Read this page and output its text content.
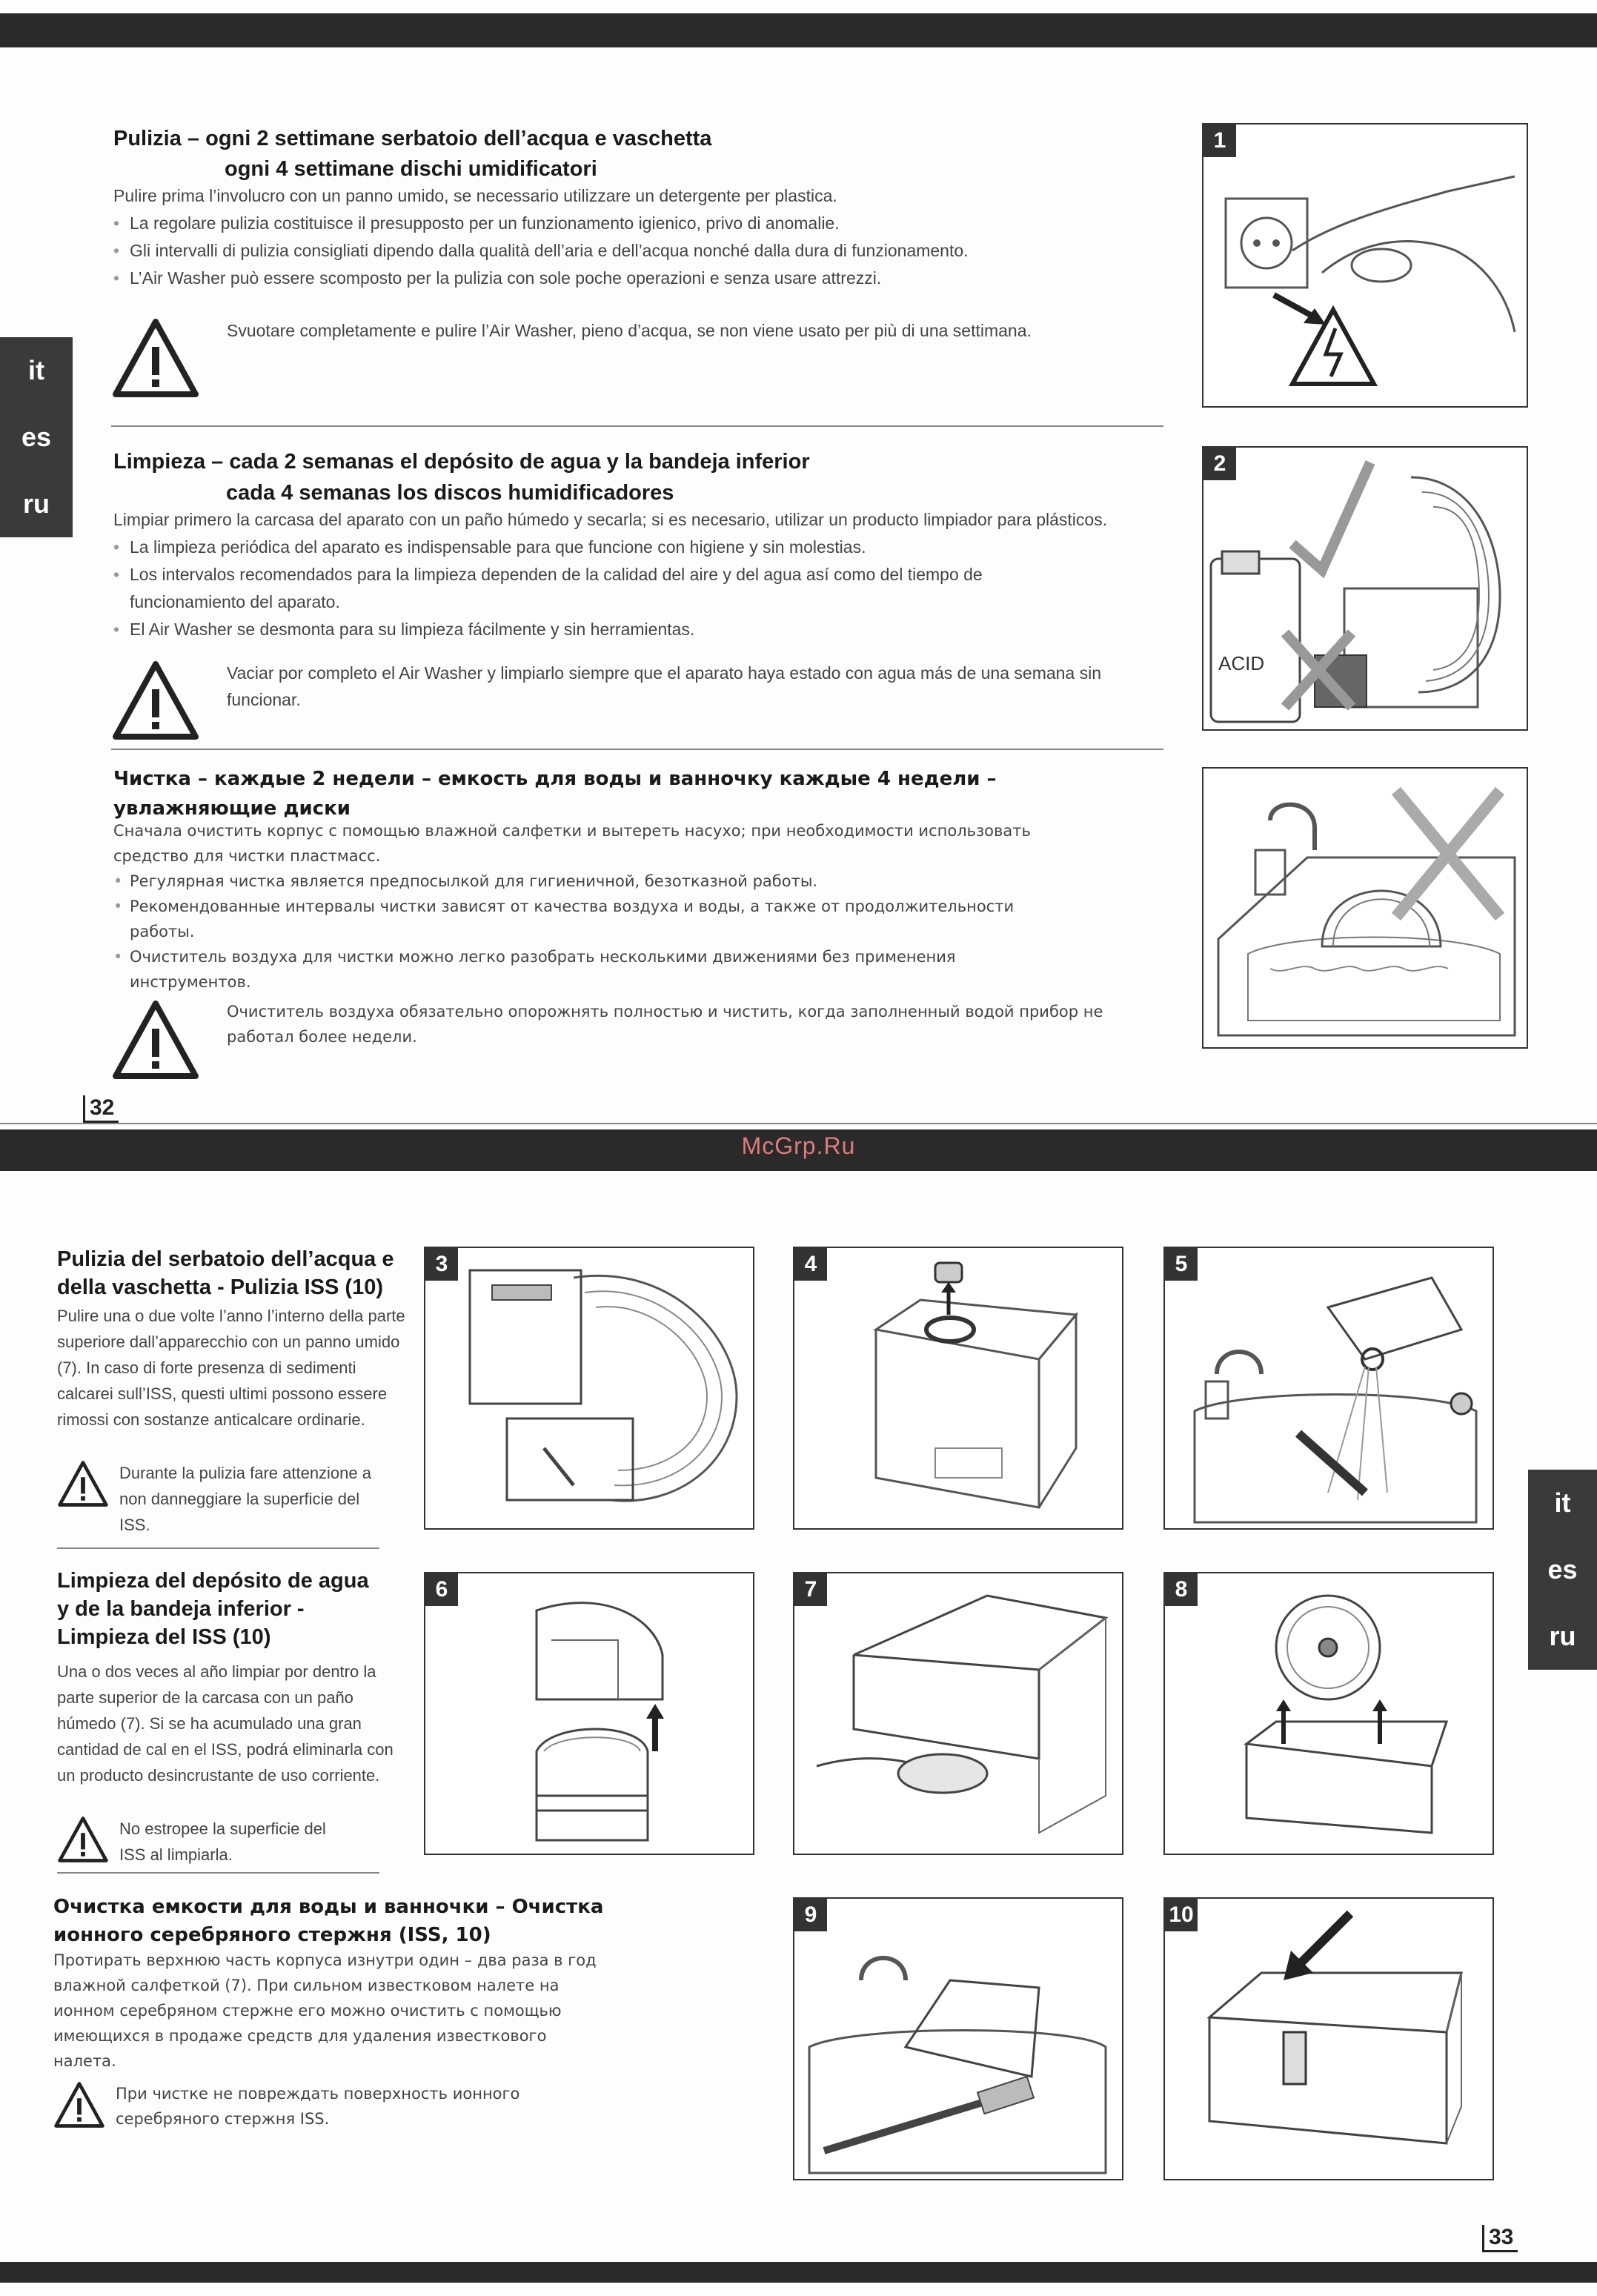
it
es
ru
Pulizia – ogni 2 settimane serbatoio dell’acqua e vaschetta
ogni 4 settimane dischi umidificatori

Pulire prima l’involucro con un panno umido, se necessario utilizzare un detergente per plastica.

• La regolare pulizia costituisce il presupposto per un funzionamento igienico, privo di anomalie.

• Gli intervalli di pulizia consigliati dipendo dalla qualità dell’aria e dell’acqua nonché dalla dura di funzionamento.

• L’Air Washer può essere scomposto per la pulizia con sole poche operazioni e senza usare attrezzi.

Svuotare completamente e pulire l’Air Washer, pieno d’acqua, se non viene usato per più di una settimana.
Limpieza – cada 2 semanas el depósito de agua y la bandeja inferior
cada 4 semanas los discos humidificadores

Limpiar primero la carcasa del aparato con un paño húmedo y secarla; si es necesario, utilizar un producto limpiador para plásticos.

• La limpieza periódica del aparato es indispensable para que funcione con higiene y sin molestias.

• Los intervalos recomendados para la limpieza dependen de la calidad del aire y del agua así como del tiempo de funcionamiento del aparato.

• El Air Washer se desmonta para su limpieza fácilmente y sin herramientas.

Vaciar por completo el Air Washer y limpiarlo siempre que el aparato haya estado con agua más de una semana sin funcionar.
Чистка – каждые 2 недели – емкость для воды и ванночку каждые 4 недели –
увлажняющие диски

Сначала очистить корпус с помощью влажной салфетки и вытереть насухо; при необходимости использовать средство для чистки пластмасс.

• Регулярная чистка является предпосылкой для гигиеничной, безотказной работы.

• Рекомендованные интервалы чистки зависят от качества воздуха и воды, а также от продолжительности работы.

• Очиститель воздуха для чистки можно легко разобрать несколькими движениями без применения инструментов.

Очиститель воздуха обязательно опорожнять полностью и чистить, когда заполненный водой прибор не работал более недели.
1
2
ACID
32
McGrp.Ru
it
es
ru
Pulizia del serbatoio dell’acqua e della vaschetta - Pulizia ISS (10)
Pulire una o due volte l’anno l’interno della parte superiore dall’apparecchio con un panno umido (7). In caso di forte presenza di sedimenti calcarei sull’ISS, questi ultimi possono essere rimossi con sostanze anticalcare ordinarie.
Durante la pulizia fare attenzione a non danneggiare la superficie del ISS.
Limpieza del depósito de agua y de la bandeja inferior - Limpieza del ISS (10)
Una o dos veces al año limpiar por dentro la parte superior de la carcasa con un paño húmedo (7). Si se ha acumulado una gran cantidad de cal en el ISS, podrá eliminarla con un producto desincrustante de uso corriente.
No estropee la superficie del ISS al limpiarla.
Очистка емкости для воды и ванночки – Очистка ионного серебряного стержня (ISS, 10)
Протирать верхнюю часть корпуса изнутри один – два раза в год влажной салфеткой (7). При сильном известковом налете на ионном серебряном стержне его можно очистить с помощью имеющихся в продаже средств для удаления известкового налета.
При чистке не повреждать поверхность ионного серебряного стержня ISS.
3	4	5
6	7	8
9	10
33
